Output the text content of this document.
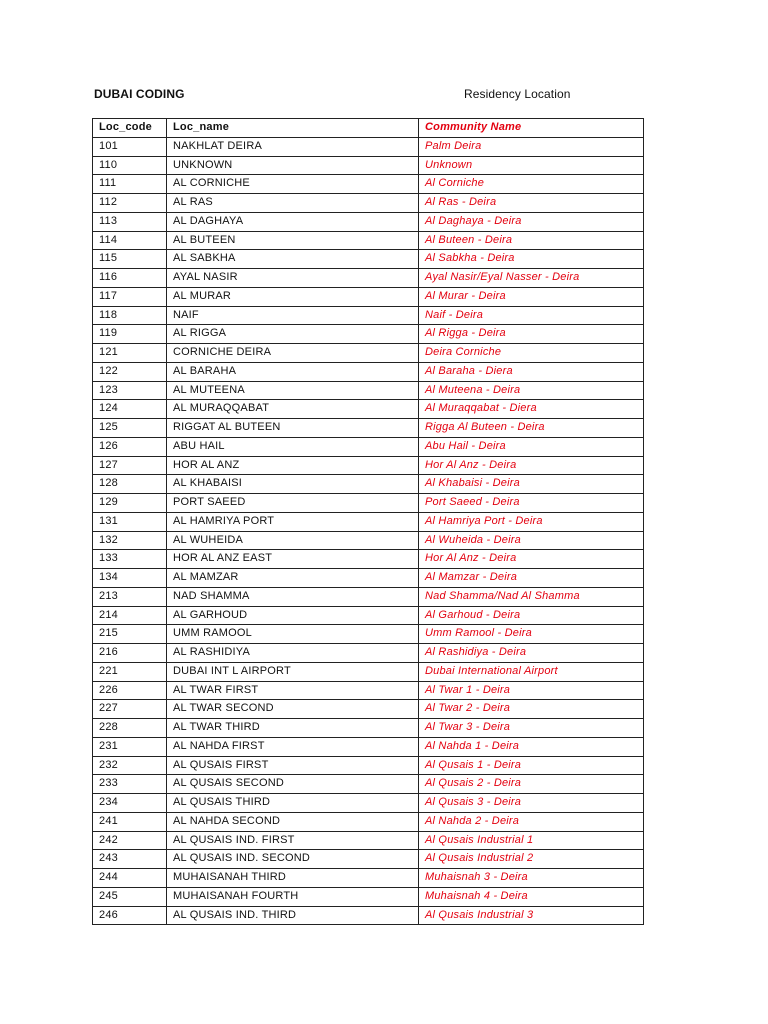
DUBAI CODING	Residency Location
Loc_code	Loc_name	Community Name
101	NAKHLAT DEIRA	Palm Deira
110	UNKNOWN	Unknown
111	AL CORNICHE	Al Corniche
112	AL RAS	Al Ras - Deira
113	AL DAGHAYA	Al Daghaya - Deira
114	AL BUTEEN	Al Buteen - Deira
115	AL SABKHA	Al Sabkha - Deira
116	AYAL NASIR	Ayal Nasir/Eyal Nasser - Deira
117	AL MURAR	Al Murar - Deira
118	NAIF	Naif - Deira
119	AL RIGGA	Al Rigga - Deira
121	CORNICHE DEIRA	Deira Corniche
122	AL BARAHA	Al Baraha - Diera
123	AL MUTEENA	Al Muteena - Deira
124	AL MURAQQABAT	Al Muraqqabat - Diera
125	RIGGAT AL BUTEEN	Rigga Al Buteen - Deira
126	ABU HAIL	Abu Hail - Deira
127	HOR AL ANZ	Hor Al Anz - Deira
128	AL KHABAISI	Al Khabaisi - Deira
129	PORT SAEED	Port Saeed - Deira
131	AL HAMRIYA PORT	Al Hamriya Port - Deira
132	AL WUHEIDA	Al Wuheida - Deira
133	HOR AL ANZ EAST	Hor Al Anz - Deira
134	AL MAMZAR	Al Mamzar - Deira
213	NAD SHAMMA	Nad Shamma/Nad Al Shamma
214	AL GARHOUD	Al Garhoud - Deira
215	UMM RAMOOL	Umm Ramool - Deira
216	AL RASHIDIYA	Al Rashidiya - Deira
221	DUBAI INT L AIRPORT	Dubai International Airport
226	AL TWAR FIRST	Al Twar 1 - Deira
227	AL TWAR SECOND	Al Twar 2 - Deira
228	AL TWAR THIRD	Al Twar 3 - Deira
231	AL NAHDA FIRST	Al Nahda 1 - Deira
232	AL QUSAIS FIRST	Al Qusais 1 - Deira
233	AL QUSAIS SECOND	Al Qusais 2 - Deira
234	AL QUSAIS THIRD	Al Qusais 3 - Deira
241	AL NAHDA SECOND	Al Nahda 2 - Deira
242	AL QUSAIS IND. FIRST	Al Qusais Industrial 1
243	AL QUSAIS IND. SECOND	Al Qusais Industrial 2
244	MUHAISANAH THIRD	Muhaisnah 3 - Deira
245	MUHAISANAH FOURTH	Muhaisnah 4 - Deira
246	AL QUSAIS IND. THIRD	Al Qusais Industrial 3
